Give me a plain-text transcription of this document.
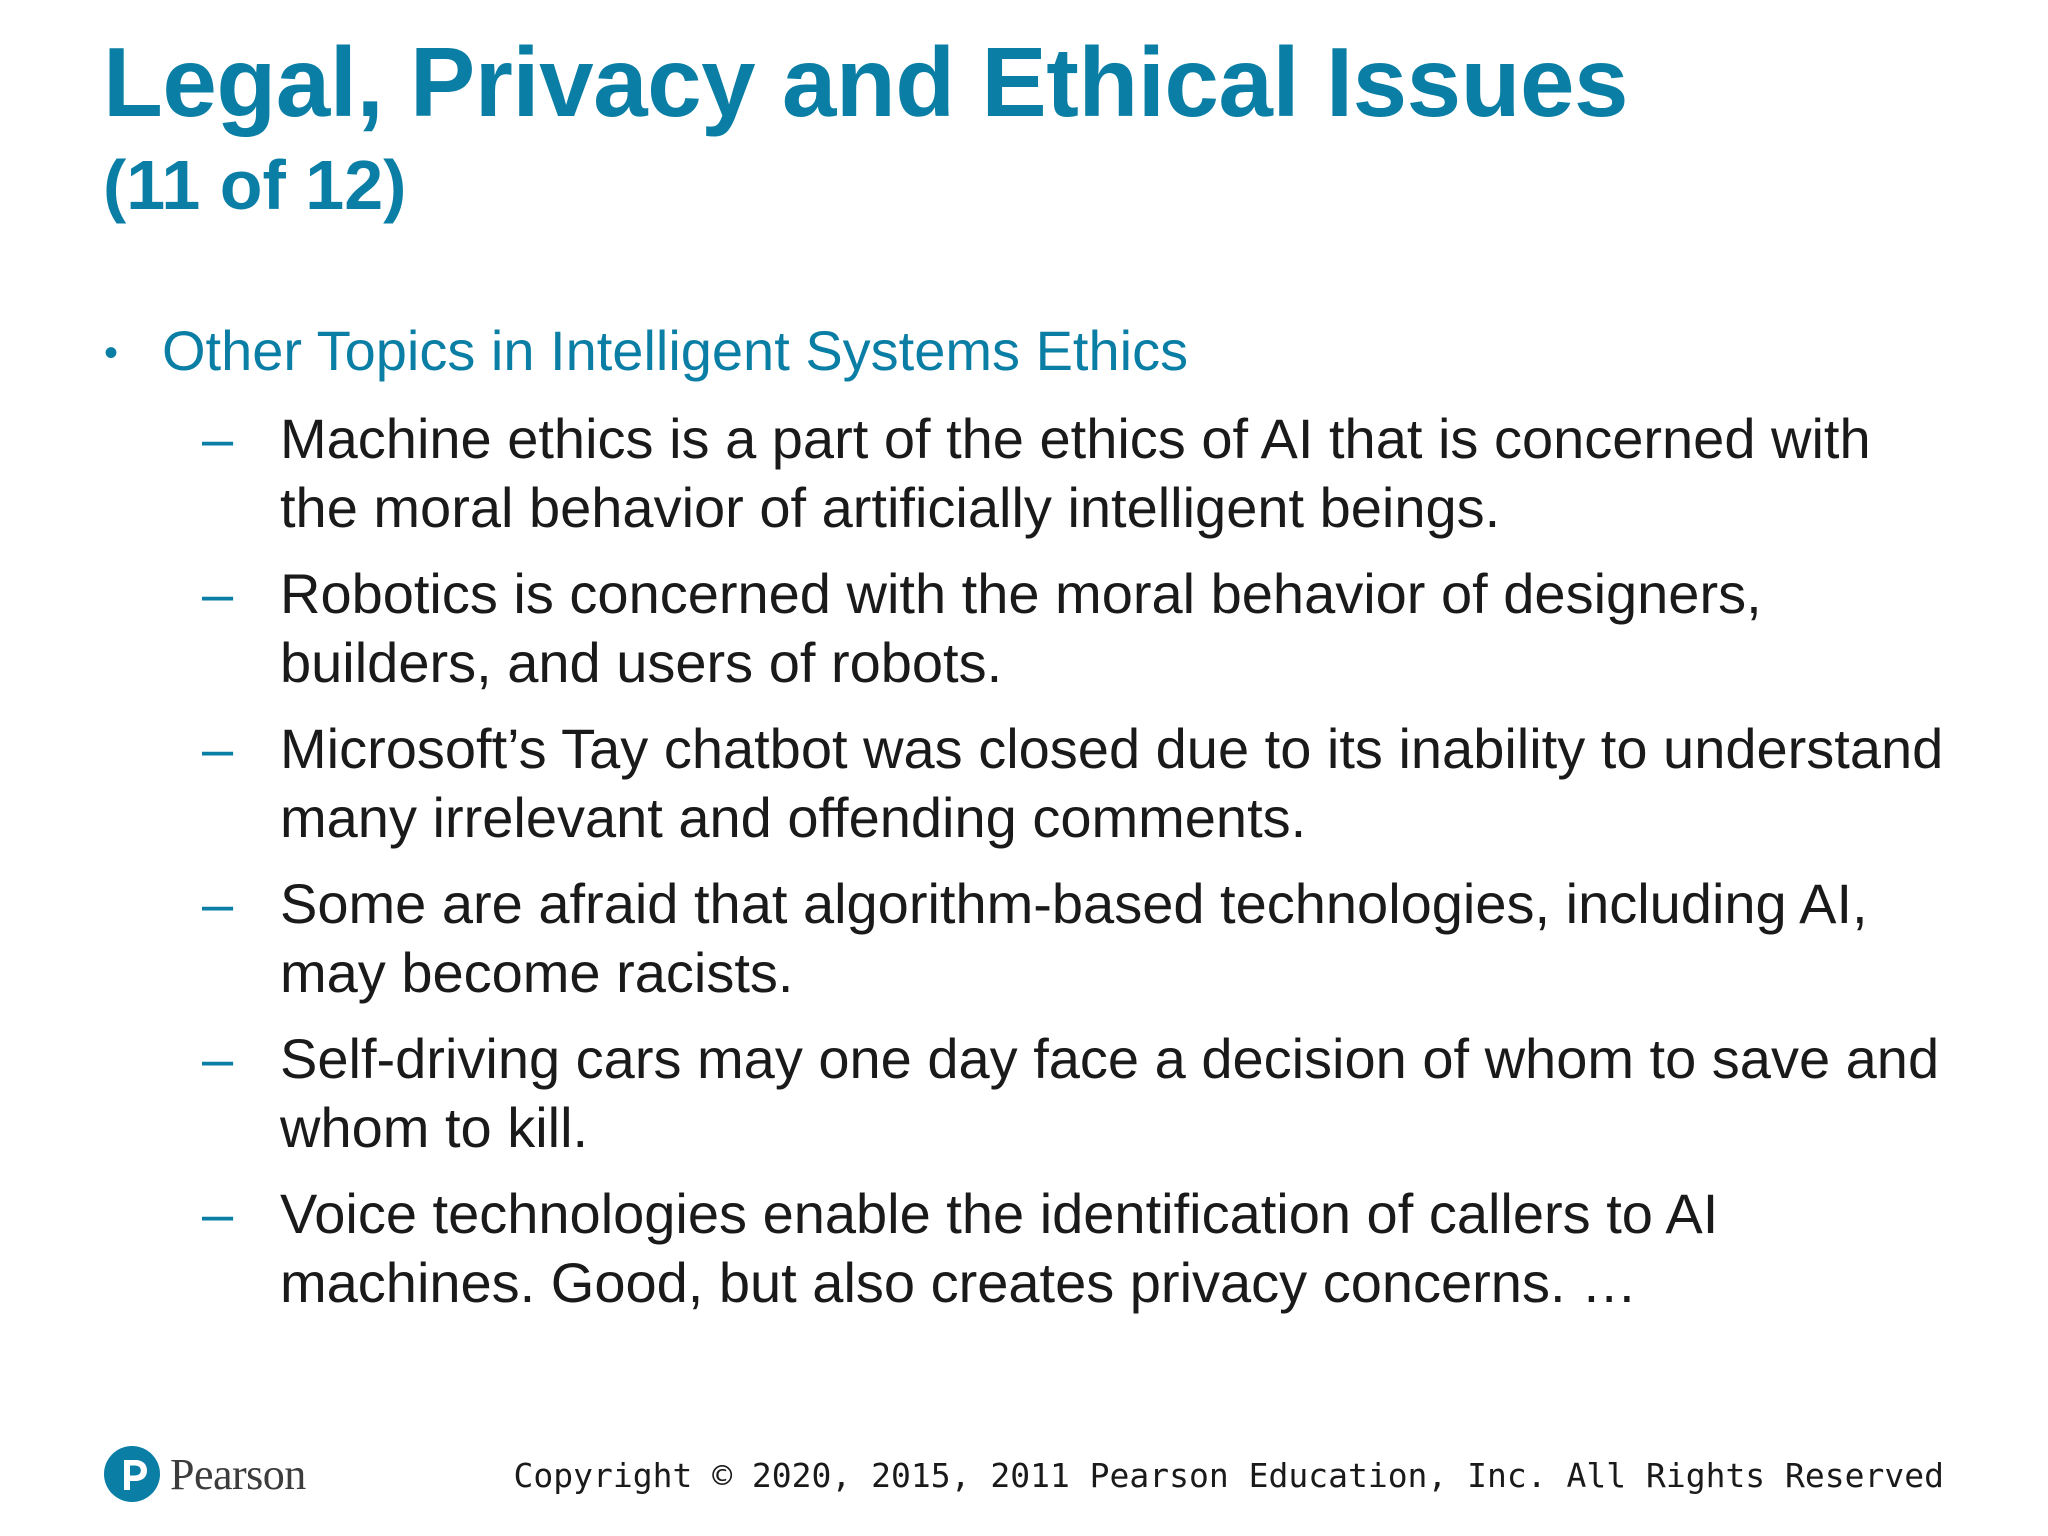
Legal, Privacy and Ethical Issues
(11 of 12)
• Other Topics in Intelligent Systems Ethics
– Machine ethics is a part of the ethics of AI that is concerned with the moral behavior of artificially intelligent beings.
– Robotics is concerned with the moral behavior of designers, builders, and users of robots.
– Microsoft’s Tay chatbot was closed due to its inability to understand many irrelevant and offending comments.
– Some are afraid that algorithm-based technologies, including AI, may become racists.
– Self-driving cars may one day face a decision of whom to save and whom to kill.
– Voice technologies enable the identification of callers to AI machines. Good, but also creates privacy concerns. …
Pearson	Copyright © 2020, 2015, 2011 Pearson Education, Inc. All Rights Reserved
